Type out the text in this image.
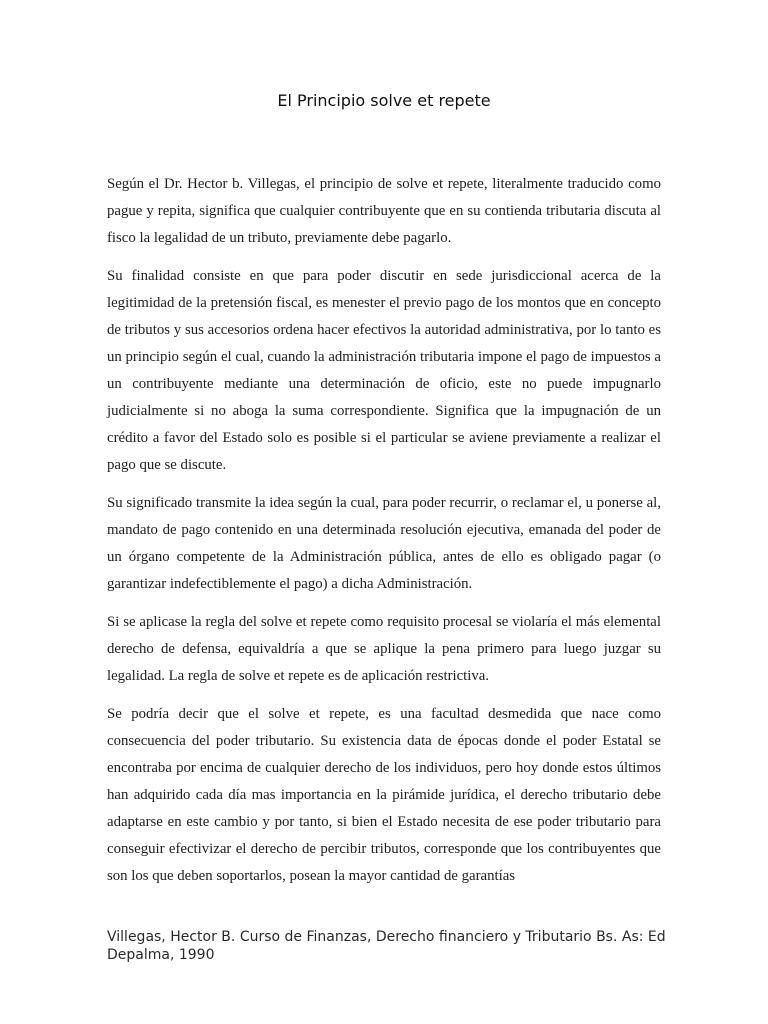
El Principio solve et repete

Según el Dr. Hector b. Villegas, el principio de solve et repete, literalmente traducido como pague y repita, significa que cualquier contribuyente que en su contienda tributaria discuta al fisco la legalidad de un tributo, previamente debe pagarlo.

Su finalidad consiste en que para poder discutir en sede jurisdiccional acerca de la legitimidad de la pretensión fiscal, es menester el previo pago de los montos que en concepto de tributos y sus accesorios ordena hacer efectivos la autoridad administrativa, por lo tanto es un principio según el cual, cuando la administración tributaria impone el pago de impuestos a un contribuyente mediante una determinación de oficio, este no puede impugnarlo judicialmente si no aboga la suma correspondiente. Significa que la impugnación de un crédito a favor del Estado solo es posible si el particular se aviene previamente a realizar el pago que se discute.

Su significado transmite la idea según la cual, para poder recurrir, o reclamar el, u ponerse al, mandato de pago contenido en una determinada resolución ejecutiva, emanada del poder de un órgano competente de la Administración pública, antes de ello es obligado pagar (o garantizar indefectiblemente el pago) a dicha Administración.

Si se aplicase la regla del solve et repete como requisito procesal se violaría el más elemental derecho de defensa, equivaldría a que se aplique la pena primero para luego juzgar su legalidad. La regla de solve et repete es de aplicación restrictiva.

Se podría decir que el solve et repete, es una facultad desmedida que nace como consecuencia del poder tributario. Su existencia data de épocas donde el poder Estatal se encontraba por encima de cualquier derecho de los individuos, pero hoy donde estos últimos han adquirido cada día mas importancia en la pirámide jurídica, el derecho tributario debe adaptarse en este cambio y por tanto, si bien el Estado necesita de ese poder tributario para conseguir efectivizar el derecho de percibir tributos, corresponde que los contribuyentes que son los que deben soportarlos, posean la mayor cantidad de garantías

Villegas, Hector B. Curso de Finanzas, Derecho financiero y Tributario Bs. As: Ed Depalma, 1990
